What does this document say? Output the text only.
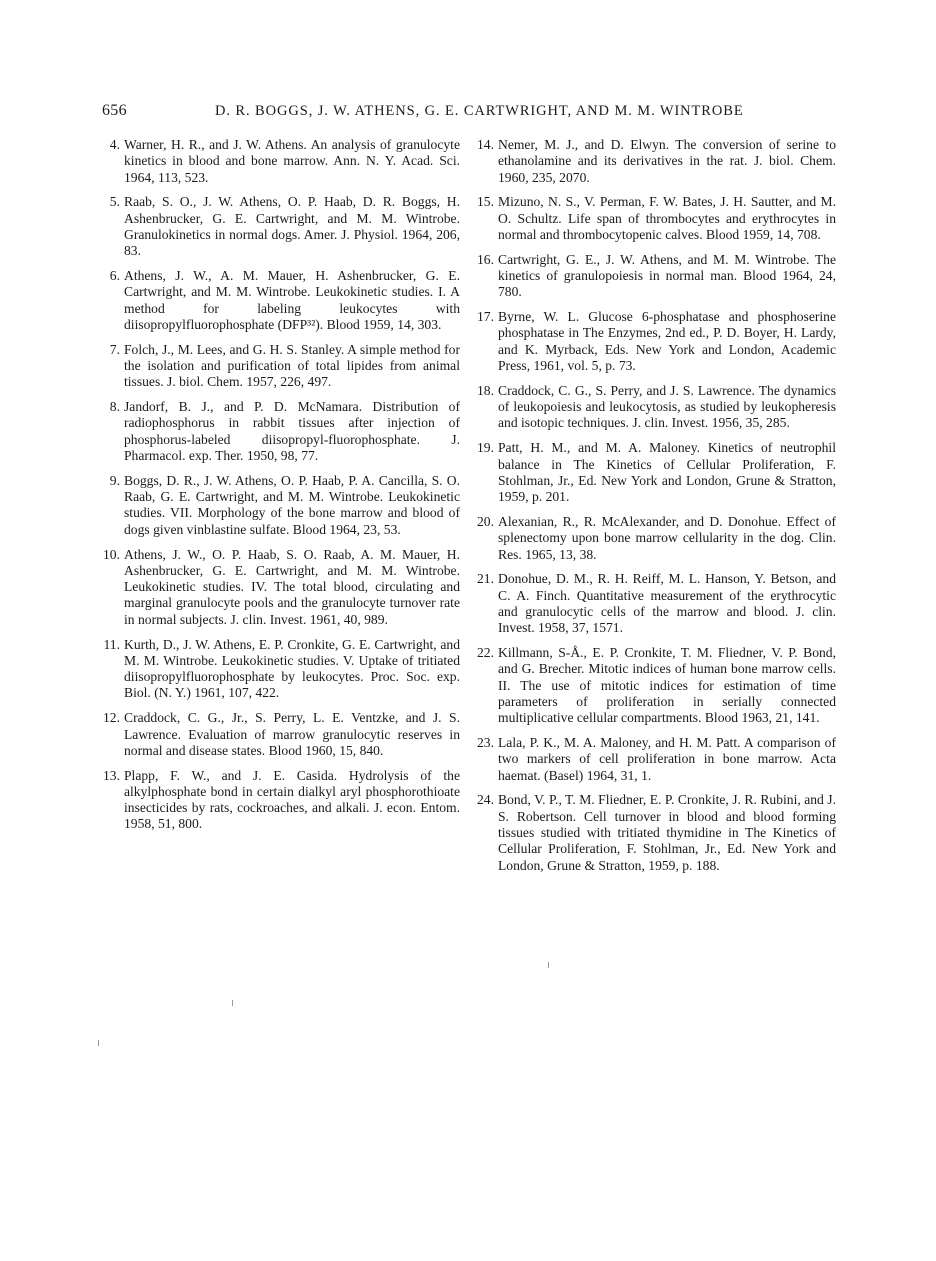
656	D. R. BOGGS, J. W. ATHENS, G. E. CARTWRIGHT, AND M. M. WINTROBE
4. Warner, H. R., and J. W. Athens. An analysis of granulocyte kinetics in blood and bone marrow. Ann. N. Y. Acad. Sci. 1964, 113, 523.
5. Raab, S. O., J. W. Athens, O. P. Haab, D. R. Boggs, H. Ashenbrucker, G. E. Cartwright, and M. M. Wintrobe. Granulokinetics in normal dogs. Amer. J. Physiol. 1964, 206, 83.
6. Athens, J. W., A. M. Mauer, H. Ashenbrucker, G. E. Cartwright, and M. M. Wintrobe. Leukokinetic studies. I. A method for labeling leukocytes with diisopropylfluorophosphate (DFP³²). Blood 1959, 14, 303.
7. Folch, J., M. Lees, and G. H. S. Stanley. A simple method for the isolation and purification of total lipides from animal tissues. J. biol. Chem. 1957, 226, 497.
8. Jandorf, B. J., and P. D. McNamara. Distribution of radiophosphorus in rabbit tissues after injection of phosphorus-labeled diisopropyl-fluorophosphate. J. Pharmacol. exp. Ther. 1950, 98, 77.
9. Boggs, D. R., J. W. Athens, O. P. Haab, P. A. Cancilla, S. O. Raab, G. E. Cartwright, and M. M. Wintrobe. Leukokinetic studies. VII. Morphology of the bone marrow and blood of dogs given vinblastine sulfate. Blood 1964, 23, 53.
10. Athens, J. W., O. P. Haab, S. O. Raab, A. M. Mauer, H. Ashenbrucker, G. E. Cartwright, and M. M. Wintrobe. Leukokinetic studies. IV. The total blood, circulating and marginal granulocyte pools and the granulocyte turnover rate in normal subjects. J. clin. Invest. 1961, 40, 989.
11. Kurth, D., J. W. Athens, E. P. Cronkite, G. E. Cartwright, and M. M. Wintrobe. Leukokinetic studies. V. Uptake of tritiated diisopropylfluorophosphate by leukocytes. Proc. Soc. exp. Biol. (N. Y.) 1961, 107, 422.
12. Craddock, C. G., Jr., S. Perry, L. E. Ventzke, and J. S. Lawrence. Evaluation of marrow granulocytic reserves in normal and disease states. Blood 1960, 15, 840.
13. Plapp, F. W., and J. E. Casida. Hydrolysis of the alkylphosphate bond in certain dialkyl aryl phosphorothioate insecticides by rats, cockroaches, and alkali. J. econ. Entom. 1958, 51, 800.
14. Nemer, M. J., and D. Elwyn. The conversion of serine to ethanolamine and its derivatives in the rat. J. biol. Chem. 1960, 235, 2070.
15. Mizuno, N. S., V. Perman, F. W. Bates, J. H. Sautter, and M. O. Schultz. Life span of thrombocytes and erythrocytes in normal and thrombocytopenic calves. Blood 1959, 14, 708.
16. Cartwright, G. E., J. W. Athens, and M. M. Wintrobe. The kinetics of granulopoiesis in normal man. Blood 1964, 24, 780.
17. Byrne, W. L. Glucose 6-phosphatase and phosphoserine phosphatase in The Enzymes, 2nd ed., P. D. Boyer, H. Lardy, and K. Myrback, Eds. New York and London, Academic Press, 1961, vol. 5, p. 73.
18. Craddock, C. G., S. Perry, and J. S. Lawrence. The dynamics of leukopoiesis and leukocytosis, as studied by leukopheresis and isotopic techniques. J. clin. Invest. 1956, 35, 285.
19. Patt, H. M., and M. A. Maloney. Kinetics of neutrophil balance in The Kinetics of Cellular Proliferation, F. Stohlman, Jr., Ed. New York and London, Grune & Stratton, 1959, p. 201.
20. Alexanian, R., R. McAlexander, and D. Donohue. Effect of splenectomy upon bone marrow cellularity in the dog. Clin. Res. 1965, 13, 38.
21. Donohue, D. M., R. H. Reiff, M. L. Hanson, Y. Betson, and C. A. Finch. Quantitative measurement of the erythrocytic and granulocytic cells of the marrow and blood. J. clin. Invest. 1958, 37, 1571.
22. Killmann, S-Å., E. P. Cronkite, T. M. Fliedner, V. P. Bond, and G. Brecher. Mitotic indices of human bone marrow cells. II. The use of mitotic indices for estimation of time parameters of proliferation in serially connected multiplicative cellular compartments. Blood 1963, 21, 141.
23. Lala, P. K., M. A. Maloney, and H. M. Patt. A comparison of two markers of cell proliferation in bone marrow. Acta haemat. (Basel) 1964, 31, 1.
24. Bond, V. P., T. M. Fliedner, E. P. Cronkite, J. R. Rubini, and J. S. Robertson. Cell turnover in blood and blood forming tissues studied with tritiated thymidine in The Kinetics of Cellular Proliferation, F. Stohlman, Jr., Ed. New York and London, Grune & Stratton, 1959, p. 188.
